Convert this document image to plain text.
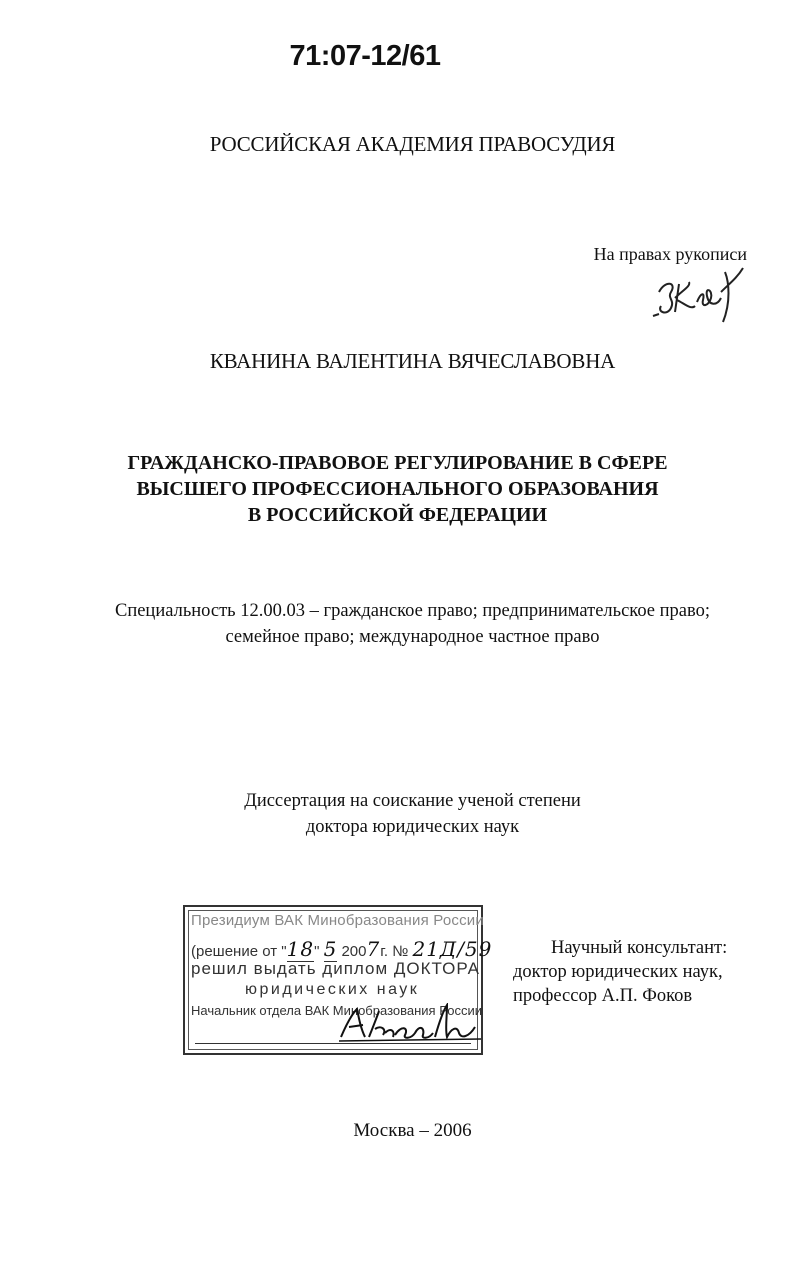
71:07-12/61
РОССИЙСКАЯ АКАДЕМИЯ ПРАВОСУДИЯ
На правах рукописи
КВАНИНА ВАЛЕНТИНА ВЯЧЕСЛАВОВНА
ГРАЖДАНСКО-ПРАВОВОЕ РЕГУЛИРОВАНИЕ В СФЕРЕ
ВЫСШЕГО ПРОФЕССИОНАЛЬНОГО ОБРАЗОВАНИЯ
В РОССИЙСКОЙ ФЕДЕРАЦИИ
Специальность 12.00.03 – гражданское право; предпринимательское право;
семейное право; международное частное право
Диссертация на соискание ученой степени
доктора юридических наук
Президиум ВАК Минобразования России
(решение от "18" 5 2007г. № 21Д/59
решил выдать диплом ДОКТОРА
юридических наук
Начальник отдела ВАК Минобразования России
Научный консультант:
доктор юридических наук,
профессор А.П. Фоков
Москва – 2006
